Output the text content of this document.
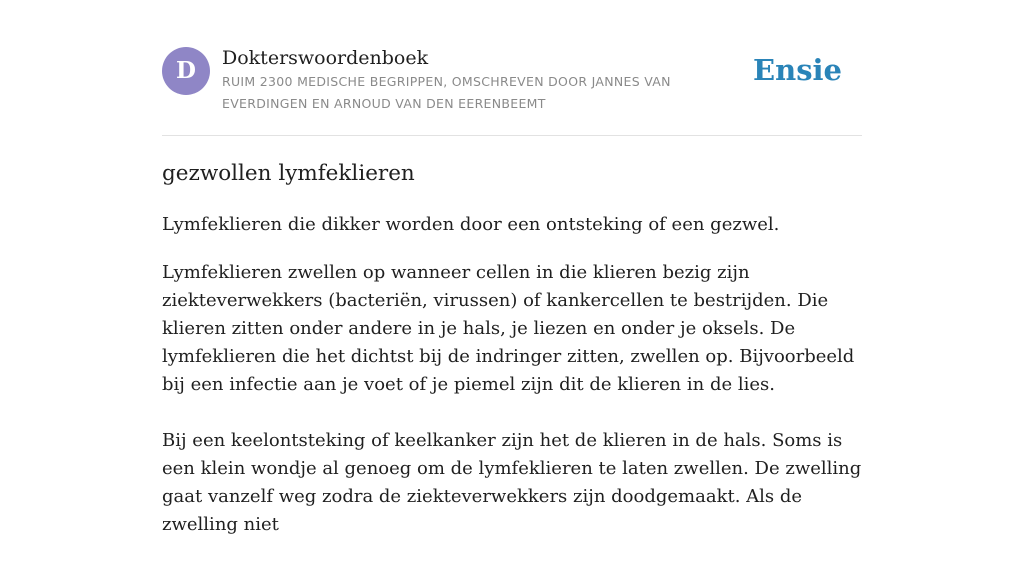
D	Dokterswoordenboek
RUIM 2300 MEDISCHE BEGRIPPEN, OMSCHREVEN DOOR JANNES VAN EVERDINGEN EN ARNOUD VAN DEN EERENBEEMT
Ensie
gezwollen lymfeklieren

Lymfeklieren die dikker worden door een ontsteking of een gezwel.

Lymfeklieren zwellen op wanneer cellen in die klieren bezig zijn ziekteverwekkers (bacteriën, virussen) of kankercellen te bestrijden. Die klieren zitten onder andere in je hals, je liezen en onder je oksels. De lymfeklieren die het dichtst bij de indringer zitten, zwellen op. Bijvoorbeeld bij een infectie aan je voet of je piemel zijn dit de klieren in de lies.

Bij een keelontsteking of keelkanker zijn het de klieren in de hals. Soms is een klein wondje al genoeg om de lymfeklieren te laten zwellen. De zwelling gaat vanzelf weg zodra de ziekteverwekkers zijn doodgemaakt. Als de zwelling niet
